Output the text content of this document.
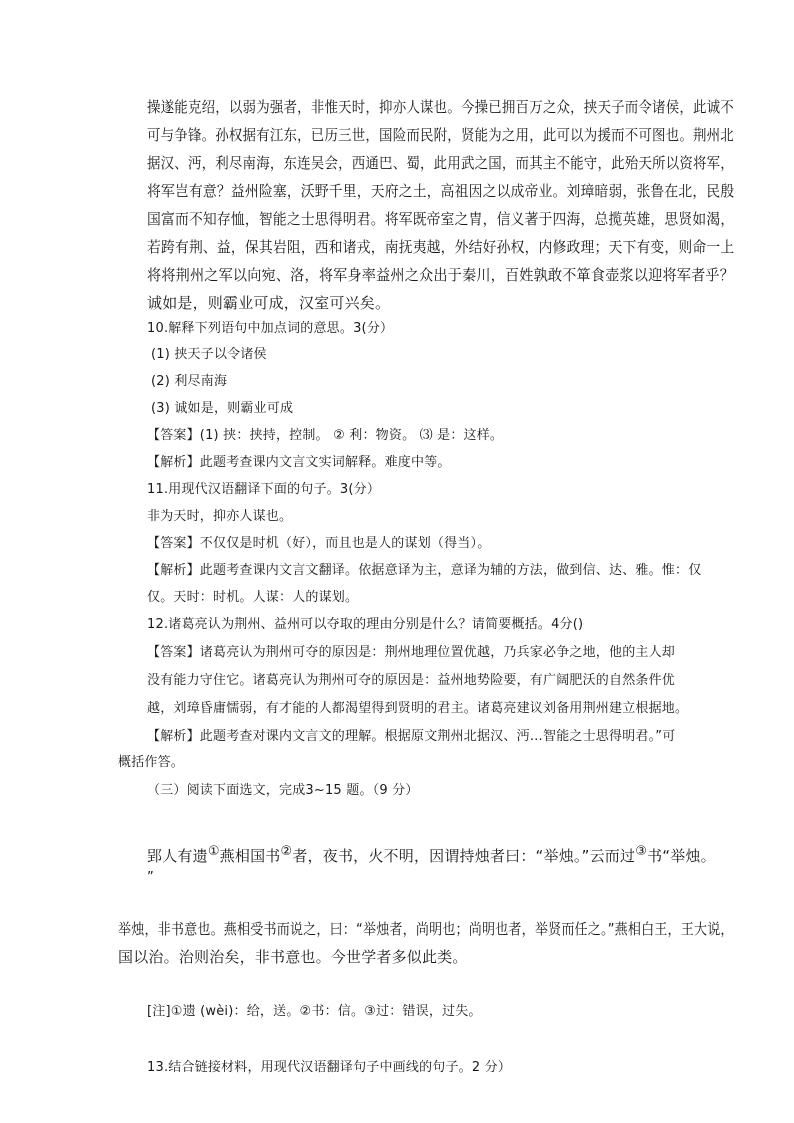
操遂能克绍，以弱为强者，非惟天时，抑亦人谋也。今操已拥百万之众，挟天子而令诸侯，此诚不
可与争锋。孙权据有江东，已历三世，国险而民附，贤能为之用，此可以为援而不可图也。荆州北
据汉、沔，利尽南海，东连吴会，西通巴、蜀，此用武之国，而其主不能守，此殆天所以资将军，
将军岂有意？益州险塞，沃野千里，天府之土，高祖因之以成帝业。刘璋暗弱，张鲁在北，民殷
国富而不知存恤，智能之士思得明君。将军既帝室之胄，信义著于四海，总揽英雄，思贤如渴，
若跨有荆、益，保其岩阻，西和诸戎，南抚夷越，外结好孙权，内修政理；天下有变，则命一上
将将荆州之军以向宛、洛，将军身率益州之众出于秦川，百姓孰敢不箪食壶浆以迎将军者乎？
诚如是，则霸业可成，汉室可兴矣。
10.解释下列语句中加点词的意思。3(分）
(1) 挟天子以令诸侯
(2) 利尽南海
(3) 诚如是，则霸业可成
【答案】(1) 挟：挟持，控制。 ② 利：物资。 ⑶ 是：这样。
【解析】此题考查课内文言文实词解释。难度中等。
11.用现代汉语翻译下面的句子。3(分）
非为天时，抑亦人谋也。
【答案】不仅仅是时机（好），而且也是人的谋划（得当）。
【解析】此题考查课内文言文翻译。依据意译为主，意译为辅的方法，做到信、达、雅。惟：仅
仅。天时：时机。人谋：人的谋划。
12.诸葛亮认为荆州、益州可以夺取的理由分别是什么？请简要概括。4分()
【答案】诸葛亮认为荆州可夺的原因是：荆州地理位置优越，乃兵家必争之地，他的主人却
没有能力守住它。诸葛亮认为荆州可夺的原因是：益州地势险要，有广阔肥沃的自然条件优
越，刘璋昏庸懦弱，有才能的人都渴望得到贤明的君主。诸葛亮建议刘备用荆州建立根据地。
【解析】此题考查对课内文言文的理解。根据原文荆州北据汉、沔…智能之士思得明君。”可
概括作答。
（三）阅读下面选文，完成3~15 题。（9 分）
郢人有遗①燕相国书②者，夜书，火不明，因谓持烛者曰：“举烛。”云而过③书“举烛。
”
举烛，非书意也。燕相受书而说之，曰：“举烛者，尚明也；尚明也者，举贤而任之。”燕相白王，王大说，
国以治。治则治矣，非书意也。今世学者多似此类。
[注]①遗 (wèi)：给，送。②书：信。③过：错误，过失。
13.结合链接材料，用现代汉语翻译句子中画线的句子。2 分）
